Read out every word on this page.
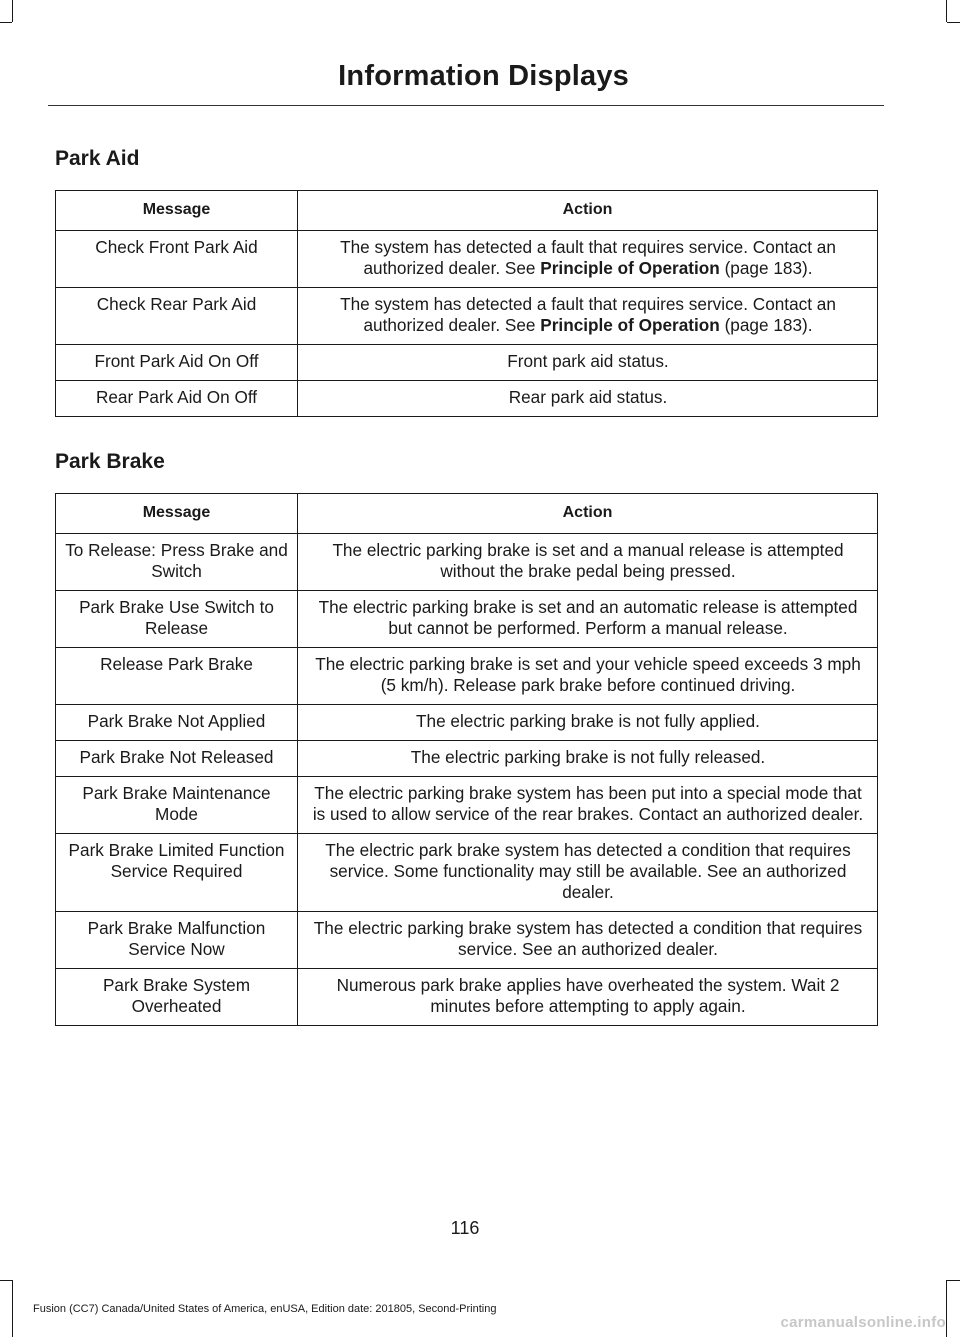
Information Displays
Park Aid
Message	Action
Check Front Park Aid	The system has detected a fault that requires service. Contact an authorized dealer. See Principle of Operation (page 183).
Check Rear Park Aid	The system has detected a fault that requires service. Contact an authorized dealer. See Principle of Operation (page 183).
Front Park Aid On Off	Front park aid status.
Rear Park Aid On Off	Rear park aid status.
Park Brake
Message	Action
To Release: Press Brake and Switch	The electric parking brake is set and a manual release is attempted without the brake pedal being pressed.
Park Brake Use Switch to Release	The electric parking brake is set and an automatic release is attempted but cannot be performed. Perform a manual release.
Release Park Brake	The electric parking brake is set and your vehicle speed exceeds 3 mph (5 km/h). Release park brake before continued driving.
Park Brake Not Applied	The electric parking brake is not fully applied.
Park Brake Not Released	The electric parking brake is not fully released.
Park Brake Maintenance Mode	The electric parking brake system has been put into a special mode that is used to allow service of the rear brakes. Contact an authorized dealer.
Park Brake Limited Function Service Required	The electric park brake system has detected a condition that requires service. Some functionality may still be available. See an authorized dealer.
Park Brake Malfunction Service Now	The electric parking brake system has detected a condition that requires service. See an authorized dealer.
Park Brake System Overheated	Numerous park brake applies have overheated the system. Wait 2 minutes before attempting to apply again.
116
Fusion (CC7) Canada/United States of America, enUSA, Edition date: 201805, Second-Printing
carmanualsonline.info
